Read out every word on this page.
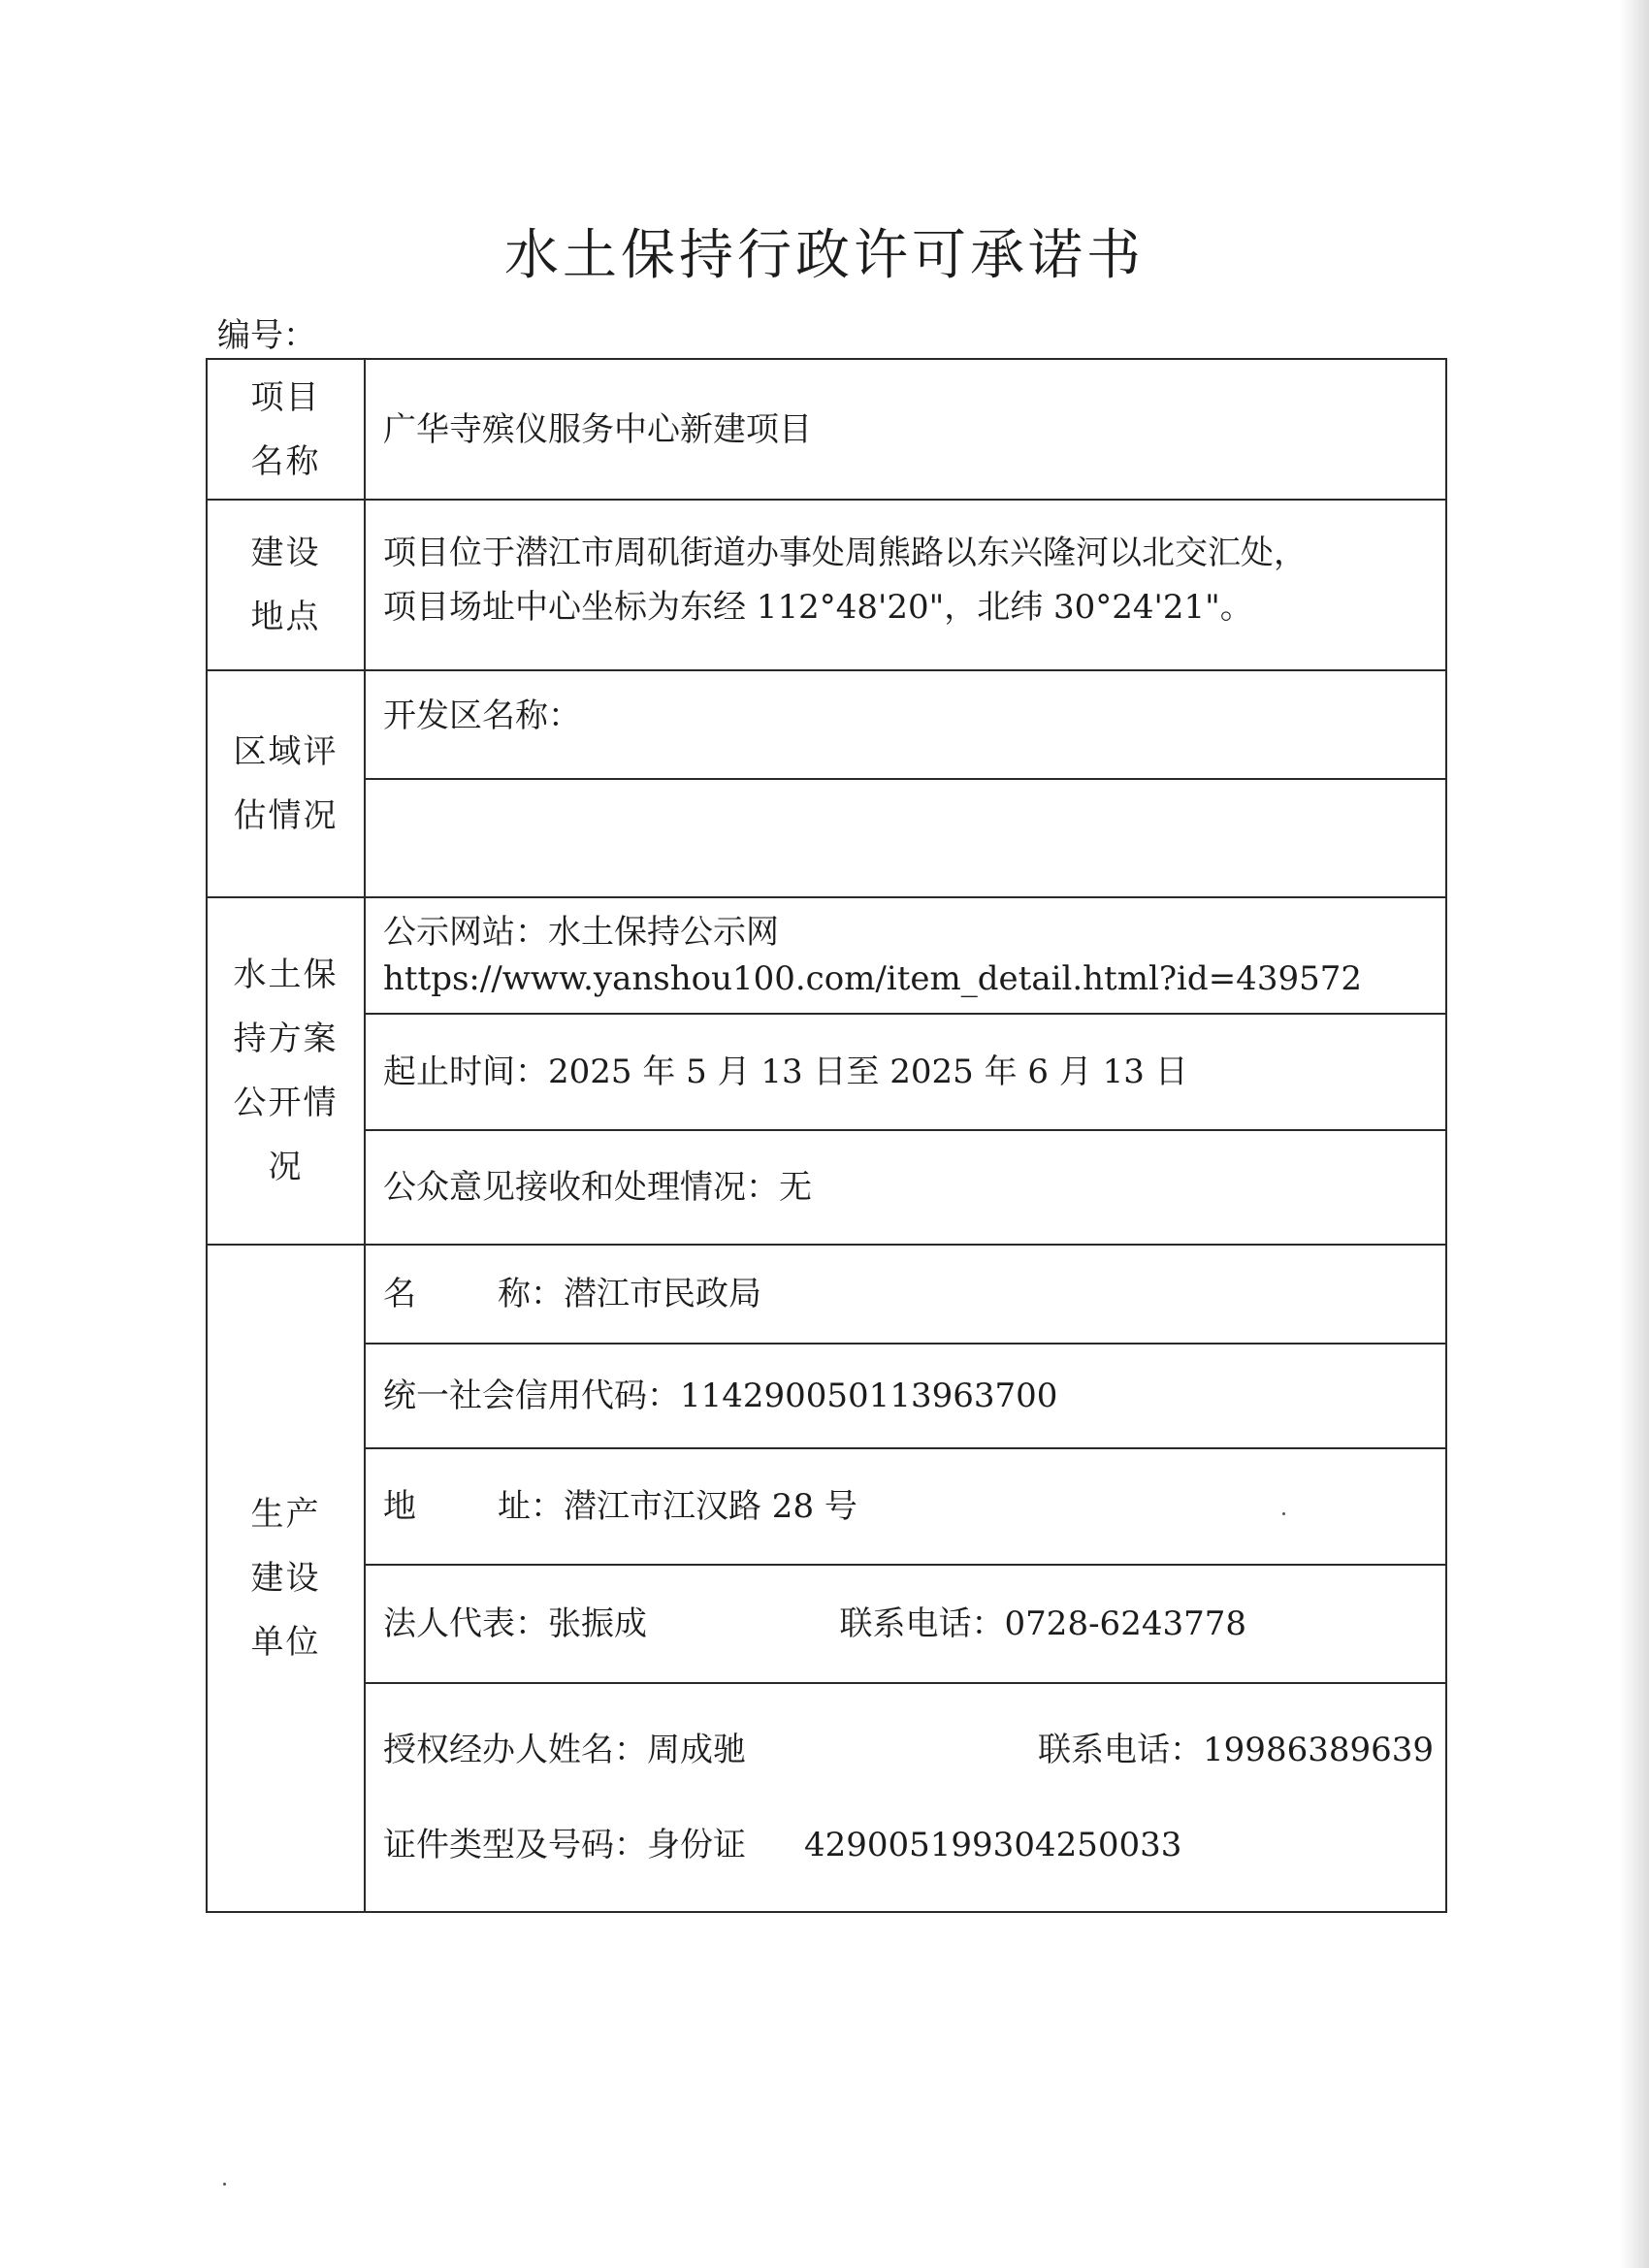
水土保持行政许可承诺书
编号：
项目
名称	广华寺殡仪服务中心新建项目

建设
地点	项目位于潜江市周矶街道办事处周熊路以东兴隆河以北交汇处，
项目场址中心坐标为东经 112°48'20"，北纬 30°24'21"。

区域评
估情况	开发区名称：

水土保
持方案
公开情
况	公示网站：水土保持公示网
https://www.yanshou100.com/item_detail.html?id=439572

	起止时间：2025 年 5 月 13 日至 2025 年 6 月 13 日
	公众意见接收和处理情况：无

生产
建设
单位	名 称：潜江市民政局
	统一社会信用代码：114290050113963700
	地 址：潜江市江汉路 28 号

	法人代表：张振成 联系电话：0728-6243778

	授权经办人姓名：周成驰 联系电话：19986389639
证件类型及号码：身份证 429005199304250033
